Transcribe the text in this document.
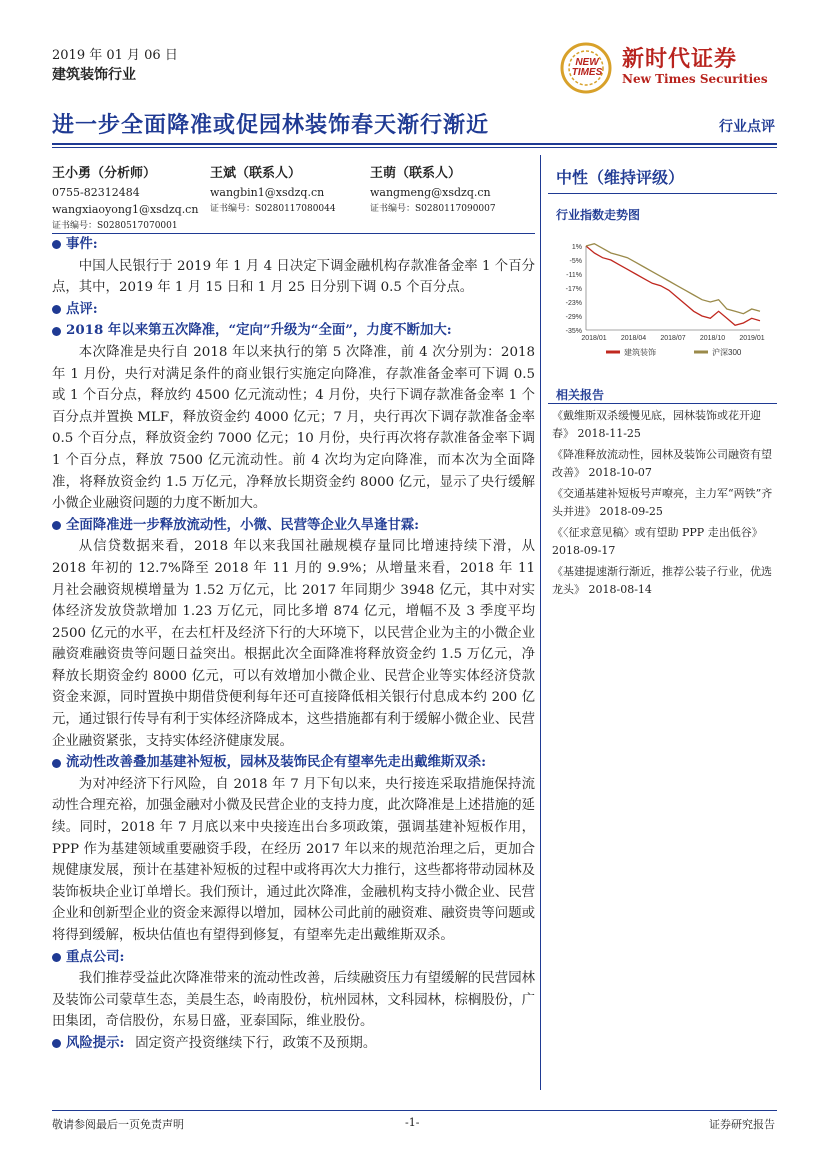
2019 年 01 月 06 日
建筑装饰行业
NEW TIMES
新时代证券
New Times Securities
进一步全面降准或促园林装饰春天渐行渐近	行业点评
王小勇（分析师）
0755-82312484
wangxiaoyong1@xsdzq.cn
证书编号：S0280517070001
王斌（联系人）
wangbin1@xsdzq.cn
证书编号：S0280117080044
王萌（联系人）
wangmeng@xsdzq.cn
证书编号：S0280117090007
事件:

中国人民银行于 2019 年 1 月 4 日决定下调金融机构存款准备金率 1 个百分点，其中，2019 年 1 月 15 日和 1 月 25 日分别下调 0.5 个百分点。

点评:
2018 年以来第五次降准，“定向”升级为“全面”，力度不断加大:

本次降准是央行自 2018 年以来执行的第 5 次降准，前 4 次分别为：2018 年 1 月份，央行对满足条件的商业银行实施定向降准，存款准备金率可下调 0.5 或 1 个百分点，释放约 4500 亿元流动性；4 月份，央行下调存款准备金率 1 个百分点并置换 MLF，释放资金约 4000 亿元；7 月，央行再次下调存款准备金率 0.5 个百分点，释放资金约 7000 亿元；10 月份，央行再次将存款准备金率下调 1 个百分点，释放 7500 亿元流动性。前 4 次均为定向降准，而本次为全面降准，将释放资金约 1.5 万亿元，净释放长期资金约 8000 亿元，显示了央行缓解小微企业融资问题的力度不断加大。

全面降准进一步释放流动性，小微、民营等企业久旱逢甘霖:

从信贷数据来看，2018 年以来我国社融规模存量同比增速持续下滑，从 2018 年初的 12.7%降至 2018 年 11 月的 9.9%；从增量来看，2018 年 11 月社会融资规模增量为 1.52 万亿元，比 2017 年同期少 3948 亿元，其中对实体经济发放贷款增加 1.23 万亿元，同比多增 874 亿元，增幅不及 3 季度平均 2500 亿元的水平，在去杠杆及经济下行的大环境下，以民营企业为主的小微企业融资难融资贵等问题日益突出。根据此次全面降准将释放资金约 1.5 万亿元，净释放长期资金约 8000 亿元，可以有效增加小微企业、民营企业等实体经济贷款资金来源，同时置换中期借贷便利每年还可直接降低相关银行付息成本约 200 亿元，通过银行传导有利于实体经济降成本，这些措施都有利于缓解小微企业、民营企业融资紧张，支持实体经济健康发展。

流动性改善叠加基建补短板，园林及装饰民企有望率先走出戴维斯双杀:

为对冲经济下行风险，自 2018 年 7 月下旬以来，央行接连采取措施保持流动性合理充裕，加强金融对小微及民营企业的支持力度，此次降准是上述措施的延续。同时，2018 年 7 月底以来中央接连出台多项政策，强调基建补短板作用，PPP 作为基建领域重要融资手段，在经历 2017 年以来的规范治理之后，更加合规健康发展，预计在基建补短板的过程中或将再次大力推行，这些都将带动园林及装饰板块企业订单增长。我们预计，通过此次降准，金融机构支持小微企业、民营企业和创新型企业的资金来源得以增加，园林公司此前的融资难、融资贵等问题或将得到缓解，板块估值也有望得到修复，有望率先走出戴维斯双杀。

重点公司:

我们推荐受益此次降准带来的流动性改善，后续融资压力有望缓解的民营园林及装饰公司蒙草生态，美晨生态，岭南股份，杭州园林，文科园林，棕榈股份，广田集团，奇信股份，东易日盛，亚泰国际，维业股份。

风险提示: 固定资产投资继续下行，政策不及预期。
中性（维持评级）
行业指数走势图
1%
-5%
-11%
-17%
-23%
-29%
-35%
2018/01 2018/04 2018/07 2018/10 2019/01
建筑装饰	沪深300
相关报告
《戴维斯双杀缓慢见底，园林装饰或花开迎春》 2018-11-25
《降准释放流动性，园林及装饰公司融资有望改善》 2018-10-07
《交通基建补短板号声嘹亮，主力军“两铁”齐头并进》 2018-09-25
《〈征求意见稿〉或有望助 PPP 走出低谷》 2018-09-17
《基建提速渐行渐近，推荐公装子行业，优选龙头》 2018-08-14
敬请参阅最后一页免责声明	-1-	证券研究报告
